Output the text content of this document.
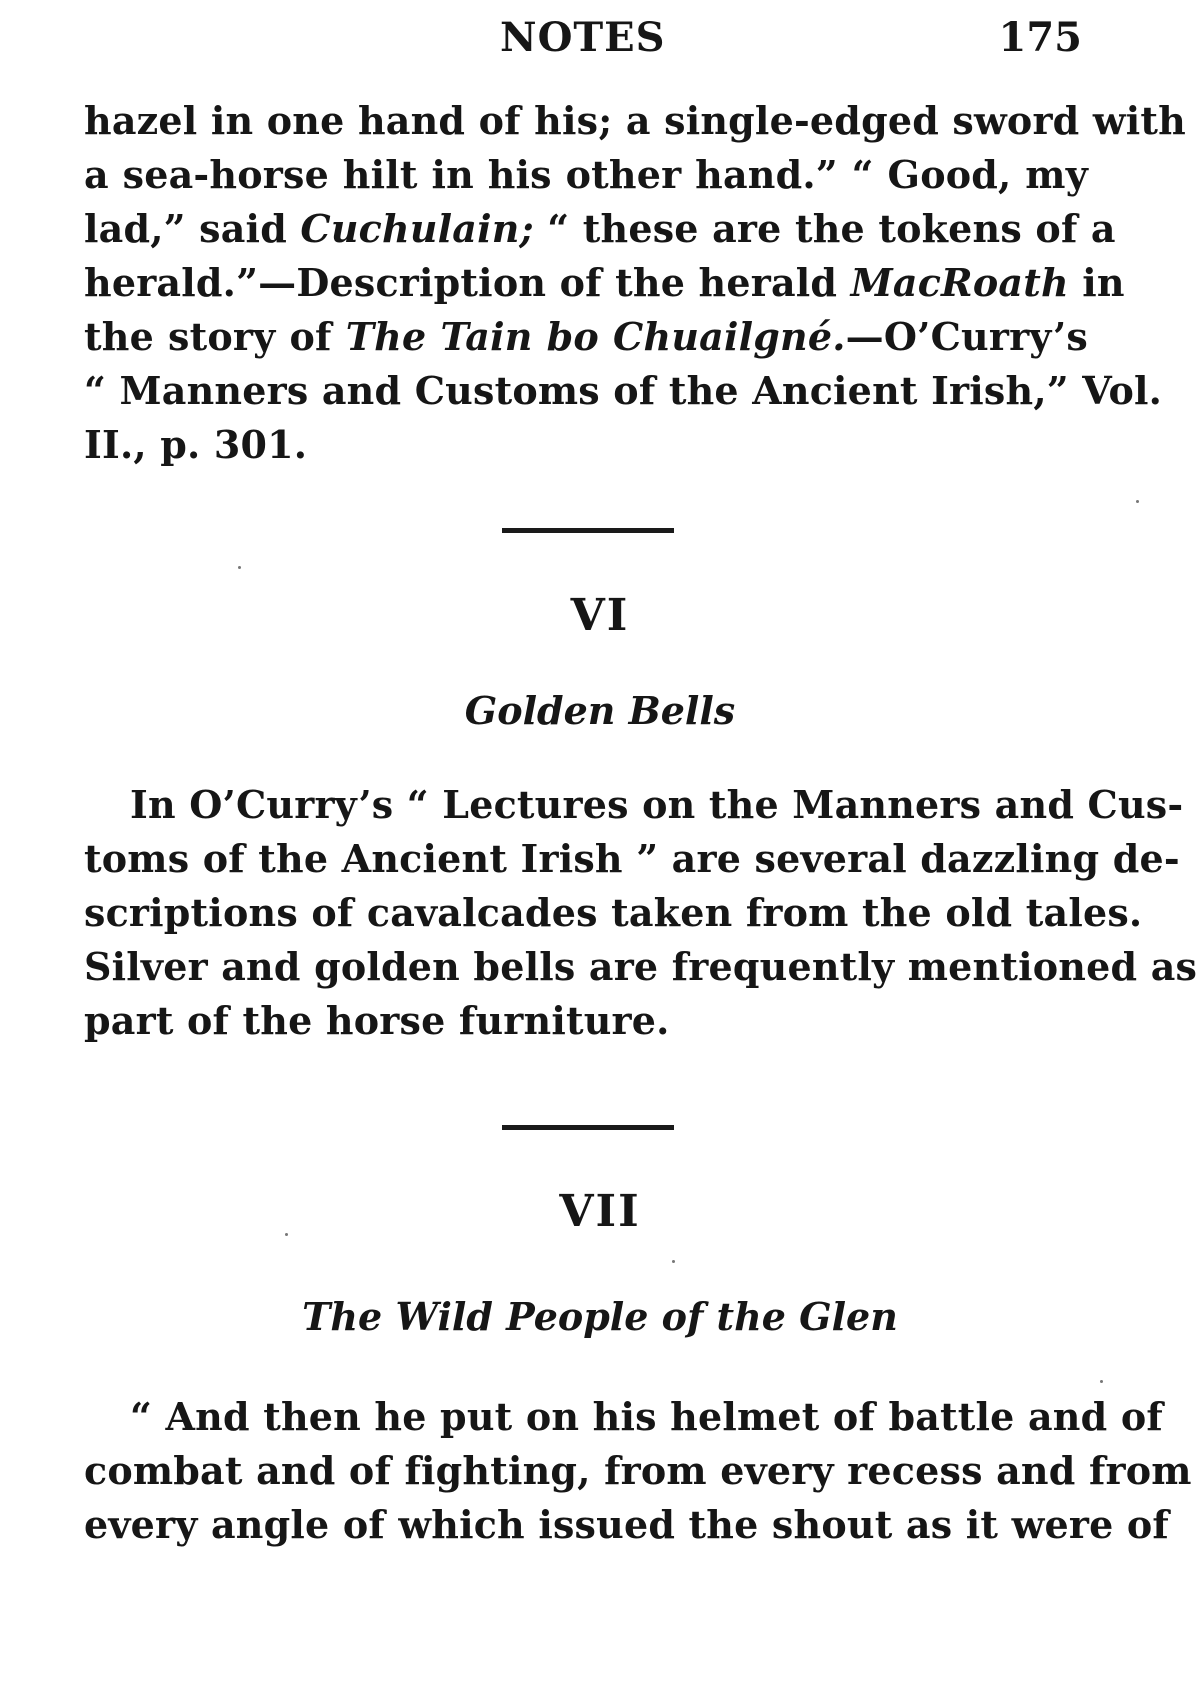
NOTES	175
hazel in one hand of his; a single-edged sword with
a sea-horse hilt in his other hand.” “ Good, my
lad,” said Cuchulain; “ these are the tokens of a
herald.”—Description of the herald MacRoath in
the story of The Tain bo Chuailgné.—O’Curry’s
“ Manners and Customs of the Ancient Irish,” Vol.
II., p. 301.
VI
Golden Bells
In O’Curry’s “ Lectures on the Manners and Cus-
toms of the Ancient Irish ” are several dazzling de-
scriptions of cavalcades taken from the old tales.
Silver and golden bells are frequently mentioned as
part of the horse furniture.
VII
The Wild People of the Glen
“ And then he put on his helmet of battle and of
combat and of fighting, from every recess and from
every angle of which issued the shout as it were of
